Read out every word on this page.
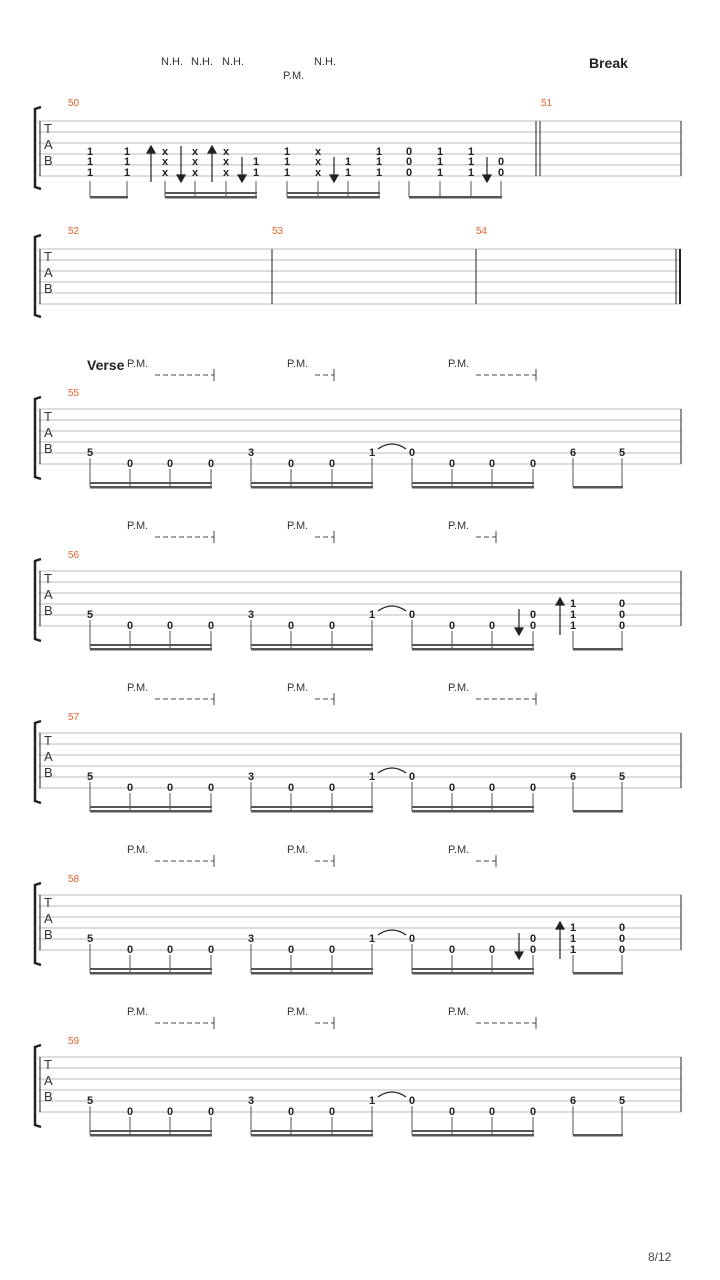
N.H. N.H. N.H.	N.H.
P.M.
Break
T
A
B
1
1
1
1
1
1
x
x
x
x
x
x
x
x
x
1
1
1
1
1
x
x
x
1
1
1
1
1
0
0
0
1
1
1
1
1
1
0
0
50	51
T
A
B
52	53	54
Verse P.M.	P.M.	P.M.
T
A
B	5
0	0	0
3
0	0
1	0
0	0	0
6	5
55
P.M.	P.M.	P.M.
T
A
B	5
0	0	0
3
0	0
1	0
0	0
0
0
1
1
1
0
0
0
56
P.M.	P.M.	P.M.
T
A
B	5
0	0	0
3
0	0
1	0
0	0	0
6	5
57
P.M.	P.M.	P.M.
T
A
B	5
0	0	0
3
0	0
1	0
0	0
0
0
1
1
1
0
0
0
58
P.M.	P.M.	P.M.
T
A
B	5
0	0	0
3
0	0
1	0
0	0	0
6	5
59
8/12
